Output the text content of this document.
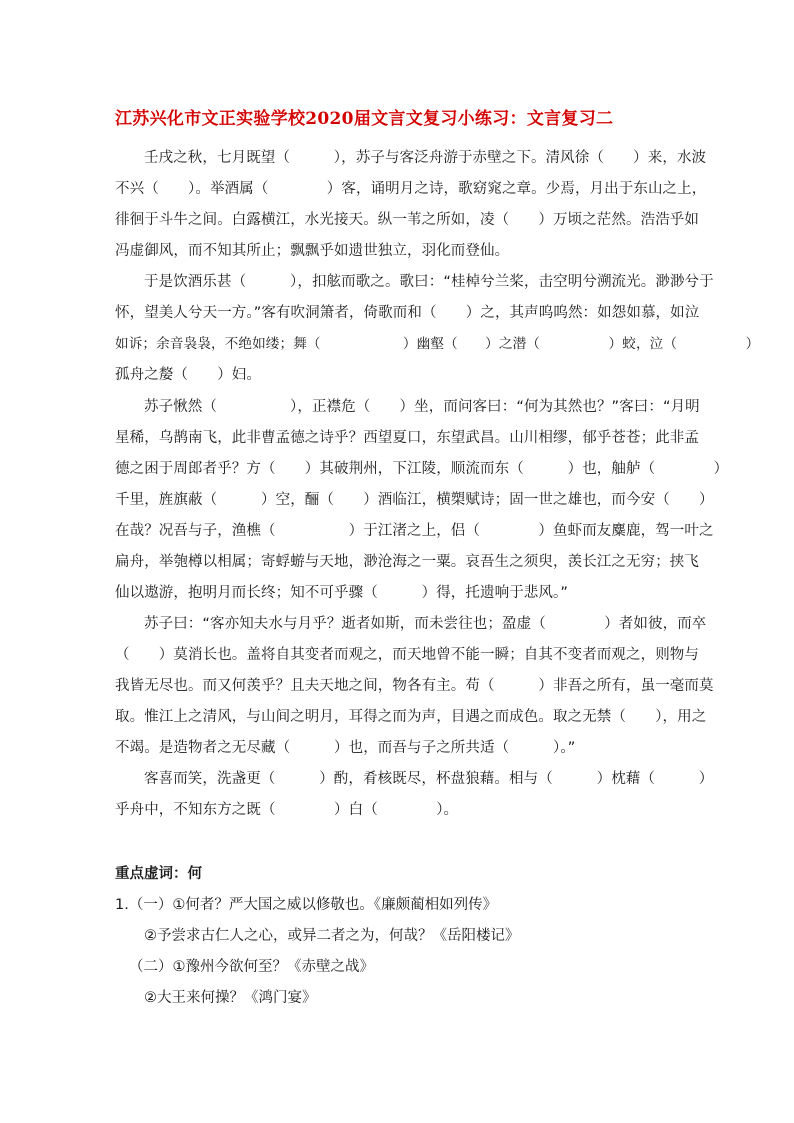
江苏兴化市文正实验学校2020届文言文复习小练习：文言复习二
壬戌之秋，七月既望（　　　），苏子与客泛舟游于赤壁之下。清风徐（　　）来，水波
不兴（　　）。举酒属（　　　　）客，诵明月之诗，歌窈窕之章。少焉，月出于东山之上，
徘徊于斗牛之间。白露横江，水光接天。纵一苇之所如，凌（　　）万顷之茫然。浩浩乎如
冯虚御风，而不知其所止；飘飘乎如遗世独立，羽化而登仙。
于是饮酒乐甚（　　　），扣舷而歌之。歌曰：“桂棹兮兰桨，击空明兮溯流光。渺渺兮于
怀，望美人兮天一方。”客有吹洞箫者，倚歌而和（　　）之，其声呜呜然：如怨如慕，如泣
如诉；余音袅袅，不绝如缕；舞（　　　　　　）幽壑（　　）之潜（　　　　　）蛟，泣（　　　　　）
孤舟之嫠（　　）妇。
苏子愀然（　　　　　），正襟危（　　）坐，而问客曰：“何为其然也？”客曰：“月明
星稀，乌鹊南飞，此非曹孟德之诗乎？西望夏口，东望武昌。山川相缪，郁乎苍苍；此非孟
德之困于周郎者乎？方（　　）其破荆州，下江陵，顺流而东（　　　）也，舳舻（　　　　）
千里，旌旗蔽（　　　）空，酾（　　）酒临江，横槊赋诗；固一世之雄也，而今安（　　）
在哉？况吾与子，渔樵（　　　　　）于江渚之上，侣（　　　　）鱼虾而友麋鹿，驾一叶之
扁舟，举匏樽以相属；寄蜉蝣与天地，渺沧海之一粟。哀吾生之须臾，羡长江之无穷；挟飞
仙以遨游，抱明月而长终；知不可乎骤（　　　）得，托遗响于悲风。”
苏子曰：“客亦知夫水与月乎？逝者如斯，而未尝往也；盈虚（　　　　）者如彼，而卒
（　　）莫消长也。盖将自其变者而观之，而天地曾不能一瞬；自其不变者而观之，则物与
我皆无尽也。而又何羡乎？且夫天地之间，物各有主。苟（　　　）非吾之所有，虽一毫而莫
取。惟江上之清风，与山间之明月，耳得之而为声，目遇之而成色。取之无禁（　　），用之
不竭。是造物者之无尽藏（　　　）也，而吾与子之所共适（　　　）。”
客喜而笑，洗盏更（　　　）酌，肴核既尽，杯盘狼藉。相与（　　　）枕藉（　　　）
乎舟中，不知东方之既（　　　　）白（　　　　）。
重点虚词：何
1.（一）①何者？严大国之威以修敬也。《廉颇蔺相如列传》
②予尝求古仁人之心，或异二者之为，何哉？《岳阳楼记》
（二）①豫州今欲何至？《赤壁之战》
②大王来何操？《鸿门宴》
